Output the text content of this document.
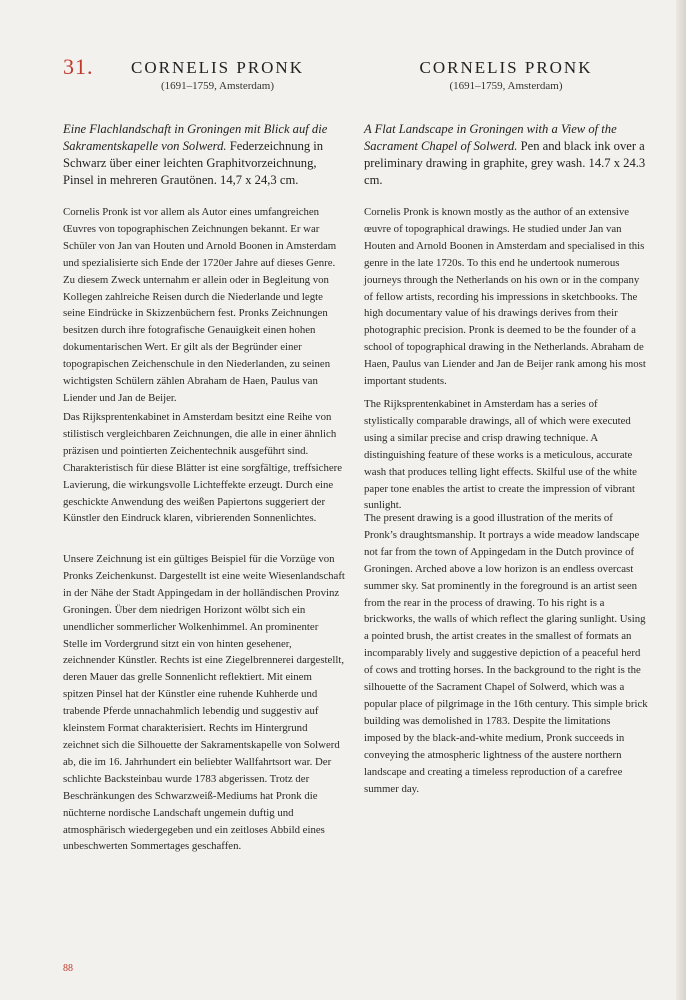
31.	CORNELIS PRONK
(1691–1759, Amsterdam)
CORNELIS PRONK
(1691–1759, Amsterdam)
Eine Flachlandschaft in Groningen mit Blick auf die Sakramentskapelle von Solwerd. Federzeichnung in Schwarz über einer leichten Graphitvorzeichnung, Pinsel in mehreren Grautönen. 14,7 x 24,3 cm.
A Flat Landscape in Groningen with a View of the Sacrament Chapel of Solwerd. Pen and black ink over a preliminary drawing in graphite, grey wash. 14.7 x 24.3 cm.

Cornelis Pronk ist vor allem als Autor eines umfangreichen Œuvres von topographischen Zeichnungen bekannt. Er war Schüler von Jan van Houten und Arnold Boonen in Amsterdam und spezialisierte sich Ende der 1720er Jahre auf dieses Genre. Zu diesem Zweck unternahm er allein oder in Begleitung von Kollegen zahlreiche Reisen durch die Niederlande und legte seine Eindrücke in Skizzenbüchern fest. Pronks Zeichnungen besitzen durch ihre fotografische Genauigkeit einen hohen dokumentarischen Wert. Er gilt als der Begründer einer topograpischen Zeichenschule in den Niederlanden, zu seinen wichtigsten Schülern zählen Abraham de Haen, Paulus van Liender und Jan de Beijer.

Das Rijksprentenkabinet in Amsterdam besitzt eine Reihe von stilistisch vergleichbaren Zeichnungen, die alle in einer ähnlich präzisen und pointierten Zeichentechnik ausgeführt sind. Charakteristisch für diese Blätter ist eine sorgfältige, treffsichere Lavierung, die wirkungsvolle Lichteffekte erzeugt. Durch eine geschickte Anwendung des weißen Papiertons suggeriert der Künstler den Eindruck klaren, vibrierenden Sonnenlichtes.

Unsere Zeichnung ist ein gültiges Beispiel für die Vorzüge von Pronks Zeichenkunst. Dargestellt ist eine weite Wiesenlandschaft in der Nähe der Stadt Appingedam in der holländischen Provinz Groningen. Über dem niedrigen Horizont wölbt sich ein unendlicher sommerlicher Wolkenhimmel. An prominenter Stelle im Vordergrund sitzt ein von hinten gesehener, zeichnender Künstler. Rechts ist eine Ziegelbrennerei dargestellt, deren Mauer das grelle Sonnenlicht reflektiert. Mit einem spitzen Pinsel hat der Künstler eine ruhende Kuhherde und trabende Pferde unnachahmlich lebendig und suggestiv auf kleinstem Format charakterisiert. Rechts im Hintergrund zeichnet sich die Silhouette der Sakramentskapelle von Solwerd ab, die im 16. Jahrhundert ein beliebter Wallfahrtsort war. Der schlichte Backsteinbau wurde 1783 abgerissen. Trotz der Beschränkungen des Schwarzweiß-Mediums hat Pronk die nüchterne nordische Landschaft ungemein duftig und atmosphärisch wiedergegeben und ein zeitloses Abbild eines unbeschwerten Sommertages geschaffen.

Cornelis Pronk is known mostly as the author of an extensive œuvre of topographical drawings. He studied under Jan van Houten and Arnold Boonen in Amsterdam and specialised in this genre in the late 1720s. To this end he undertook numerous journeys through the Netherlands on his own or in the company of fellow artists, recording his impressions in sketchbooks. The high documentary value of his drawings derives from their photographic precision. Pronk is deemed to be the founder of a school of topographical drawing in the Netherlands. Abraham de Haen, Paulus van Liender and Jan de Beijer rank among his most important students.

The Rijksprentenkabinet in Amsterdam has a series of stylistically comparable drawings, all of which were executed using a similar precise and crisp drawing technique. A distinguishing feature of these works is a meticulous, accurate wash that produces telling light effects. Skilful use of the white paper tone enables the artist to create the impression of vibrant sunlight.

The present drawing is a good illustration of the merits of Pronk’s draughtsmanship. It portrays a wide meadow landscape not far from the town of Appingedam in the Dutch province of Groningen. Arched above a low horizon is an endless overcast summer sky. Sat prominently in the foreground is an artist seen from the rear in the process of drawing. To his right is a brickworks, the walls of which reflect the glaring sunlight. Using a pointed brush, the artist creates in the smallest of formats an incomparably lively and suggestive depiction of a peaceful herd of cows and trotting horses. In the background to the right is the silhouette of the Sacrament Chapel of Solwerd, which was a popular place of pilgrimage in the 16th century. This simple brick building was demolished in 1783. Despite the limitations imposed by the black-and-white medium, Pronk succeeds in conveying the atmospheric lightness of the austere northern landscape and creating a timeless reproduction of a carefree summer day.

88
